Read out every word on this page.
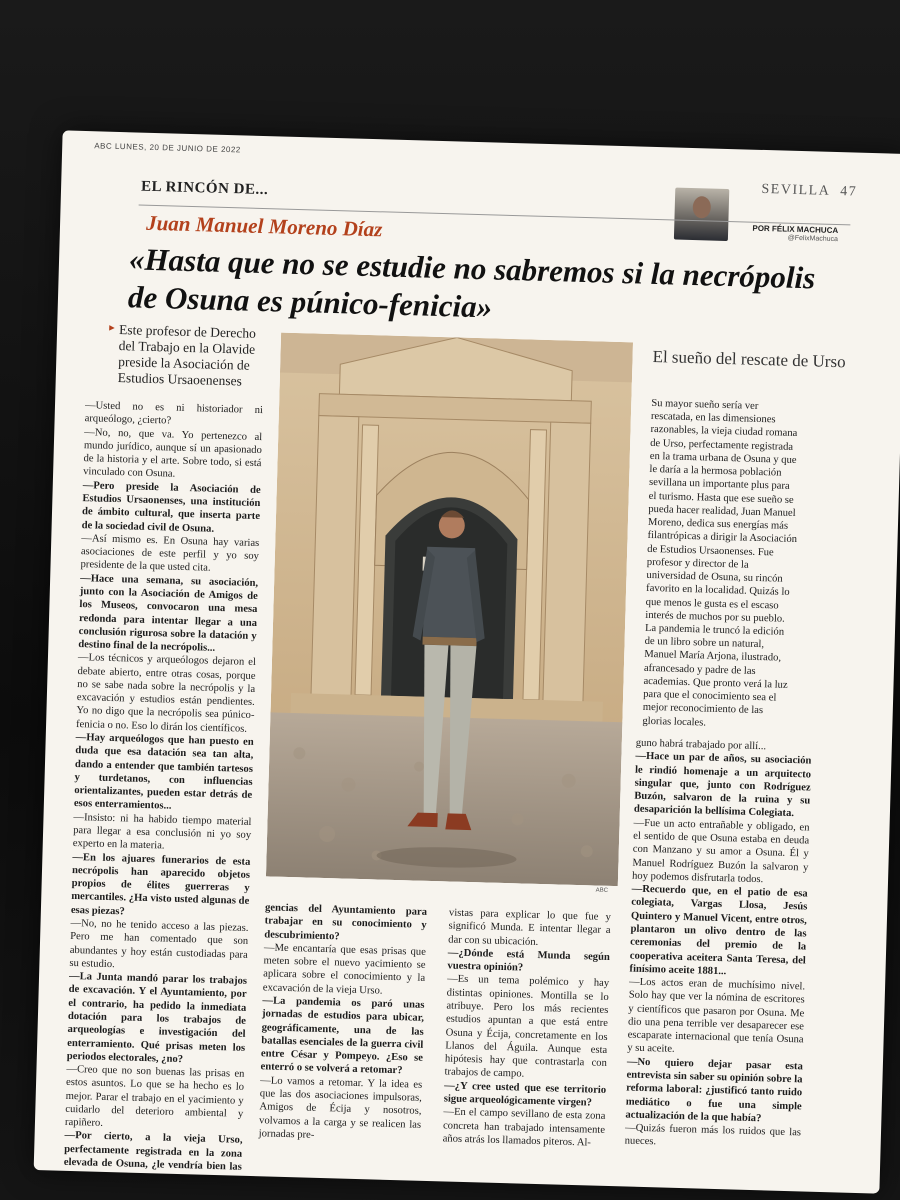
ABC LUNES, 20 DE JUNIO DE 2022
SEVILLA 47
EL RINCÓN DE...
POR FÉLIX MACHUCA
@FelixMachuca
Juan Manuel Moreno Díaz
«Hasta que no se estudie no sabremos si la necrópolis de Osuna es púnico-fenicia»
▸ Este profesor de Derecho del Trabajo en la Olavide preside la Asociación de Estudios Ursaoenenses
ABC
El sueño del rescate de Urso
Su mayor sueño sería ver rescatada, en las dimensiones razonables, la vieja ciudad romana de Urso, perfectamente registrada en la trama urbana de Osuna y que le daría a la hermosa población sevillana un importante plus para el turismo. Hasta que ese sueño se pueda hacer realidad, Juan Manuel Moreno, dedica sus energías más filantrópicas a dirigir la Asociación de Estudios Ursaonenses. Fue profesor y director de la universidad de Osuna, su rincón favorito en la localidad. Quizás lo que menos le gusta es el escaso interés de muchos por su pueblo. La pandemia le truncó la edición de un libro sobre un natural, Manuel María Arjona, ilustrado, afrancesado y padre de las academias. Que pronto verá la luz para que el conocimiento sea el mejor reconocimiento de las glorias locales.

—Usted no es ni historiador ni arqueólogo, ¿cierto?

—No, no, que va. Yo pertenezco al mundo jurídico, aunque sí un apasionado de la historia y el arte. Sobre todo, si está vinculado con Osuna.

—Pero preside la Asociación de Estudios Ursaonenses, una institución de ámbito cultural, que inserta parte de la sociedad civil de Osuna.

—Así mismo es. En Osuna hay varias asociaciones de este perfil y yo soy presidente de la que usted cita.

—Hace una semana, su asociación, junto con la Asociación de Amigos de los Museos, convocaron una mesa redonda para intentar llegar a una conclusión rigurosa sobre la datación y destino final de la necrópolis...

—Los técnicos y arqueólogos dejaron el debate abierto, entre otras cosas, porque no se sabe nada sobre la necrópolis y la excavación y estudios están pendientes. Yo no digo que la necrópolis sea púnico-fenicia o no. Eso lo dirán los científicos.

—Hay arqueólogos que han puesto en duda que esa datación sea tan alta, dando a entender que también tartesos y turdetanos, con influencias orientalizantes, pueden estar detrás de esos enterramientos...

—Insisto: ni ha habido tiempo material para llegar a esa conclusión ni yo soy experto en la materia.

—En los ajuares funerarios de esta necrópolis han aparecido objetos propios de élites guerreras y mercantiles. ¿Ha visto usted algunas de esas piezas?

—No, no he tenido acceso a las piezas. Pero me han comentado que son abundantes y hoy están custodiadas para su estudio.

—La Junta mandó parar los trabajos de excavación. Y el Ayuntamiento, por el contrario, ha pedido la inmediata dotación para los trabajos de arqueologías e investigación del enterramiento. Qué prisas meten los periodos electorales, ¿no?

—Creo que no son buenas las prisas en estos asuntos. Lo que se ha hecho es lo mejor. Parar el trabajo en el yacimiento y cuidarlo del deterioro ambiental y rapiñero.

—Por cierto, a la vieja Urso, perfectamente registrada en la zona elevada de Osuna, ¿le vendría bien las ur-

gencias del Ayuntamiento para trabajar en su conocimiento y descubrimiento?

—Me encantaría que esas prisas que meten sobre el nuevo yacimiento se aplicara sobre el conocimiento y la excavación de la vieja Urso.

—La pandemia os paró unas jornadas de estudios para ubicar, geográficamente, una de las batallas esenciales de la guerra civil entre César y Pompeyo. ¿Eso se enterró o se volverá a retomar?

—Lo vamos a retomar. Y la idea es que las dos asociaciones impulsoras, Amigos de Écija y nosotros, volvamos a la carga y se realicen las jornadas pre-

vistas para explicar lo que fue y significó Munda. E intentar llegar a dar con su ubicación.

—¿Dónde está Munda según vuestra opinión?

—Es un tema polémico y hay distintas opiniones. Montilla se lo atribuye. Pero los más recientes estudios apuntan a que está entre Osuna y Écija, concretamente en los Llanos del Águila. Aunque esta hipótesis hay que contrastarla con trabajos de campo.

—¿Y cree usted que ese territorio sigue arqueológicamente virgen?

—En el campo sevillano de esta zona concreta han trabajado intensamente años atrás los llamados piteros. Al-

guno habrá trabajado por allí...

—Hace un par de años, su asociación le rindió homenaje a un arquitecto singular que, junto con Rodríguez Buzón, salvaron de la ruina y su desaparición la bellísima Colegiata.

—Fue un acto entrañable y obligado, en el sentido de que Osuna estaba en deuda con Manzano y su amor a Osuna. Él y Manuel Rodríguez Buzón la salvaron y hoy podemos disfrutarla todos.

—Recuerdo que, en el patio de esa colegiata, Vargas Llosa, Jesús Quintero y Manuel Vicent, entre otros, plantaron un olivo dentro de las ceremonias del premio de la cooperativa aceitera Santa Teresa, del finísimo aceite 1881...

—Los actos eran de muchísimo nivel. Solo hay que ver la nómina de escritores y científicos que pasaron por Osuna. Me dio una pena terrible ver desaparecer ese escaparate internacional que tenía Osuna y su aceite.

—No quiero dejar pasar esta entrevista sin saber su opinión sobre la reforma laboral: ¿justificó tanto ruido mediático o fue una simple actualización de la que había?

—Quizás fueron más los ruidos que las nueces.
